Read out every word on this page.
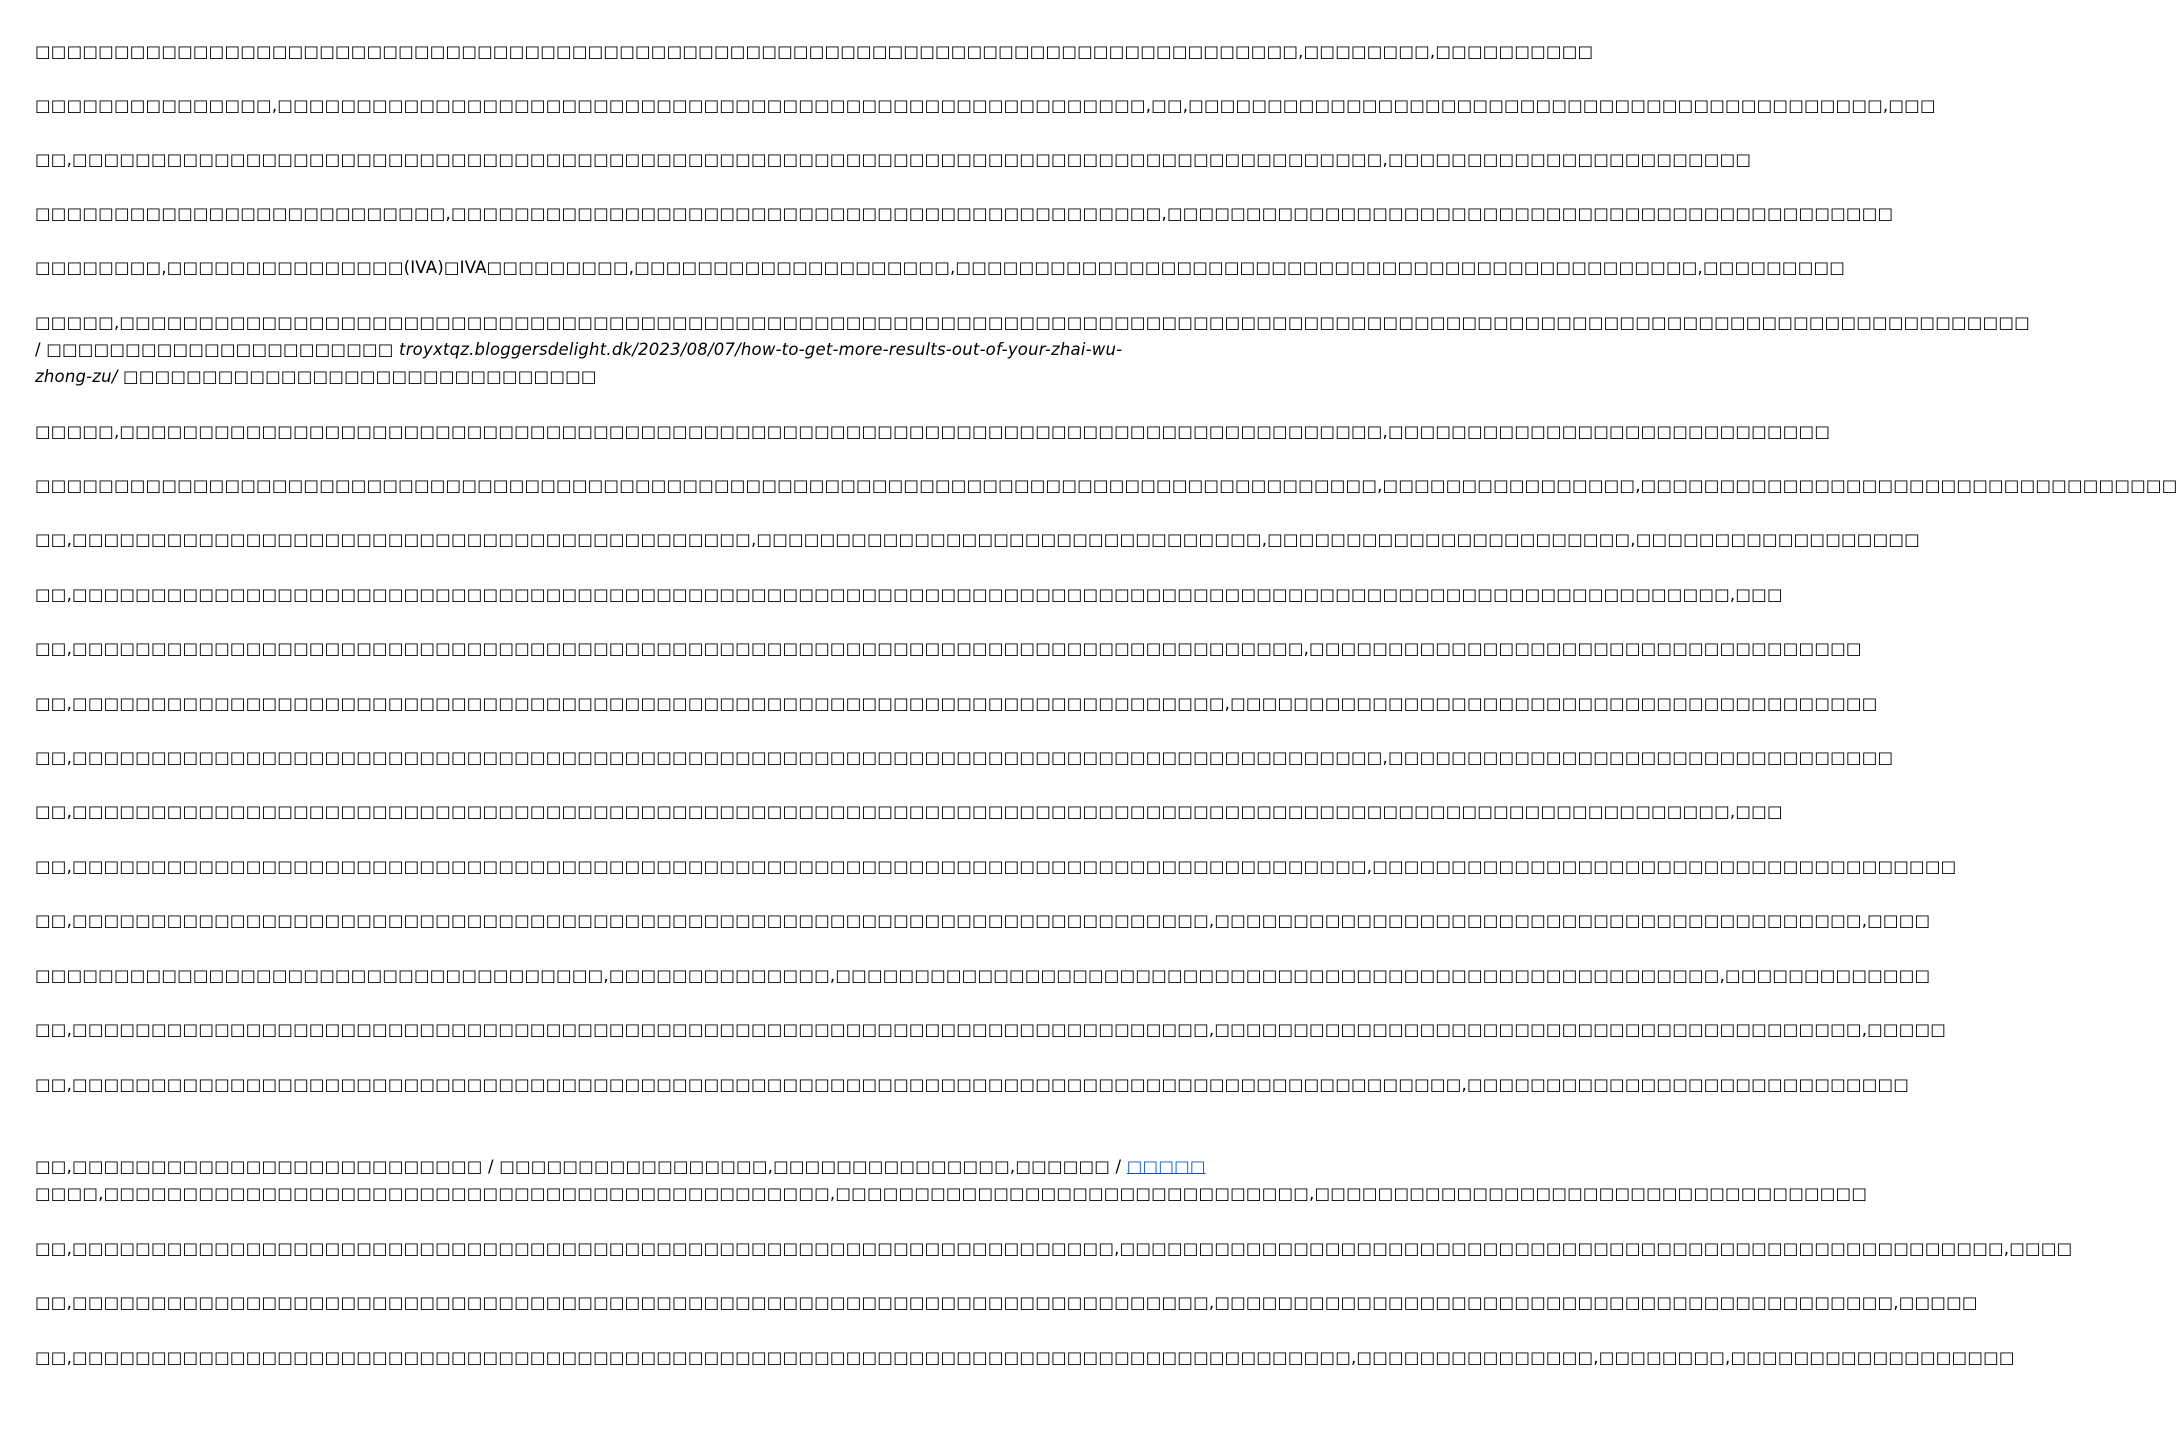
□□□□□□□□□□□□□□□□□□□□□□□□□□□□□□□□□□□□□□□□□□□□□□□□□□□□□□□□□□□□□□□□□□□□□□□□□□□□□□□□,□□□□□□□□,□□□□□□□□□□
□□□□□□□□□□□□□□□,□□□□□□□□□□□□□□□□□□□□□□□□□□□□□□□□□□□□□□□□□□□□□□□□□□□□□□□,□□,□□□□□□□□□□□□□□□□□□□□□□□□□□□□□□□□□□□□□□□□□□□□,□□□
□□,□□□□□□□□□□□□□□□□□□□□□□□□□□□□□□□□□□□□□□□□□□□□□□□□□□□□□□□□□□□□□□□□□□□□□□□□□□□□□□□□□□□,□□□□□□□□□□□□□□□□□□□□□□□
□□□□□□□□□□□□□□□□□□□□□□□□□□,□□□□□□□□□□□□□□□□□□□□□□□□□□□□□□□□□□□□□□□□□□□□□,□□□□□□□□□□□□□□□□□□□□□□□□□□□□□□□□□□□□□□□□□□□□□□
□□□□□□□□,□□□□□□□□□□□□□□□(IVA)□IVA□□□□□□□□□,□□□□□□□□□□□□□□□□□□□□,□□□□□□□□□□□□□□□□□□□□□□□□□□□□□□□□□□□□□□□□□□□□□□□,□□□□□□□□□
□□□□□,□□□□□□□□□□□□□□□□□□□□□□□□□□□□□□□□□□□□□□□□□□□□□□□□□□□□□□□□□□□□□□□□□□□□□□□□□□□□□□□□□□□□□□□□□□□□□□□□□□□□□□□□□□□□□□□□□□□□□□□□□
/ □□□□□□□□□□□□□□□□□□□□□□ troyxtqz.bloggersdelight.dk/2023/08/07/how-to-get-more-results-out-of-your-zhai-wu-
zhong-zu/ □□□□□□□□□□□□□□□□□□□□□□□□□□□□□□
□□□□□,□□□□□□□□□□□□□□□□□□□□□□□□□□□□□□□□□□□□□□□□□□□□□□□□□□□□□□□□□□□□□□□□□□□□□□□□□□□□□□□□,□□□□□□□□□□□□□□□□□□□□□□□□□□□□
□□□□□□□□□□□□□□□□□□□□□□□□□□□□□□□□□□□□□□□□□□□□□□□□□□□□□□□□□□□□□□□□□□□□□□□□□□□□□□□□□□□□□,□□□□□□□□□□□□□□□□,□□□□□□□□□□□□□□□□□□□□□□□□□□□□□□□□□□
□□,□□□□□□□□□□□□□□□□□□□□□□□□□□□□□□□□□□□□□□□□□□□,□□□□□□□□□□□□□□□□□□□□□□□□□□□□□□□□,□□□□□□□□□□□□□□□□□□□□□□□,□□□□□□□□□□□□□□□□□□
□□,□□□□□□□□□□□□□□□□□□□□□□□□□□□□□□□□□□□□□□□□□□□□□□□□□□□□□□□□□□□□□□□□□□□□□□□□□□□□□□□□□□□□□□□□□□□□□□□□□□□□□□□□□,□□□
□□,□□□□□□□□□□□□□□□□□□□□□□□□□□□□□□□□□□□□□□□□□□□□□□□□□□□□□□□□□□□□□□□□□□□□□□□□□□□□□□,□□□□□□□□□□□□□□□□□□□□□□□□□□□□□□□□□□□
□□,□□□□□□□□□□□□□□□□□□□□□□□□□□□□□□□□□□□□□□□□□□□□□□□□□□□□□□□□□□□□□□□□□□□□□□□□□,□□□□□□□□□□□□□□□□□□□□□□□□□□□□□□□□□□□□□□□□□
□□,□□□□□□□□□□□□□□□□□□□□□□□□□□□□□□□□□□□□□□□□□□□□□□□□□□□□□□□□□□□□□□□□□□□□□□□□□□□□□□□□□□□,□□□□□□□□□□□□□□□□□□□□□□□□□□□□□□□□
□□,□□□□□□□□□□□□□□□□□□□□□□□□□□□□□□□□□□□□□□□□□□□□□□□□□□□□□□□□□□□□□□□□□□□□□□□□□□□□□□□□□□□□□□□□□□□□□□□□□□□□□□□□□,□□□
□□,□□□□□□□□□□□□□□□□□□□□□□□□□□□□□□□□□□□□□□□□□□□□□□□□□□□□□□□□□□□□□□□□□□□□□□□□□□□□□□□□□□,□□□□□□□□□□□□□□□□□□□□□□□□□□□□□□□□□□□□□
□□,□□□□□□□□□□□□□□□□□□□□□□□□□□□□□□□□□□□□□□□□□□□□□□□□□□□□□□□□□□□□□□□□□□□□□□□□,□□□□□□□□□□□□□□□□□□□□□□□□□□□□□□□□□□□□□□□□□,□□□□
□□□□□□□□□□□□□□□□□□□□□□□□□□□□□□□□□□□□,□□□□□□□□□□□□□□,□□□□□□□□□□□□□□□□□□□□□□□□□□□□□□□□□□□□□□□□□□□□□□□□□□□□□□□□,□□□□□□□□□□□□□
□□,□□□□□□□□□□□□□□□□□□□□□□□□□□□□□□□□□□□□□□□□□□□□□□□□□□□□□□□□□□□□□□□□□□□□□□□□,□□□□□□□□□□□□□□□□□□□□□□□□□□□□□□□□□□□□□□□□□,□□□□□
□□,□□□□□□□□□□□□□□□□□□□□□□□□□□□□□□□□□□□□□□□□□□□□□□□□□□□□□□□□□□□□□□□□□□□□□□□□□□□□□□□□□□□□□□□□,□□□□□□□□□□□□□□□□□□□□□□□□□□□□
□□,□□□□□□□□□□□□□□□□□□□□□□□□□□ / □□□□□□□□□□□□□□□□□,□□□□□□□□□□□□□□□,□□□□□□ / □□□□□
□□□□,□□□□□□□□□□□□□□□□□□□□□□□□□□□□□□□□□□□□□□□□□□□□□□,□□□□□□□□□□□□□□□□□□□□□□□□□□□□□□,□□□□□□□□□□□□□□□□□□□□□□□□□□□□□□□□□□□
□□,□□□□□□□□□□□□□□□□□□□□□□□□□□□□□□□□□□□□□□□□□□□□□□□□□□□□□□□□□□□□□□□□□□,□□□□□□□□□□□□□□□□□□□□□□□□□□□□□□□□□□□□□□□□□□□□□□□□□□□□□□□□,□□□□
□□,□□□□□□□□□□□□□□□□□□□□□□□□□□□□□□□□□□□□□□□□□□□□□□□□□□□□□□□□□□□□□□□□□□□□□□□□,□□□□□□□□□□□□□□□□□□□□□□□□□□□□□□□□□□□□□□□□□□□,□□□□□
□□,□□□□□□□□□□□□□□□□□□□□□□□□□□□□□□□□□□□□□□□□□□□□□□□□□□□□□□□□□□□□□□□□□□□□□□□□□□□□□□□□□,□□□□□□□□□□□□□□□,□□□□□□□□,□□□□□□□□□□□□□□□□□□
